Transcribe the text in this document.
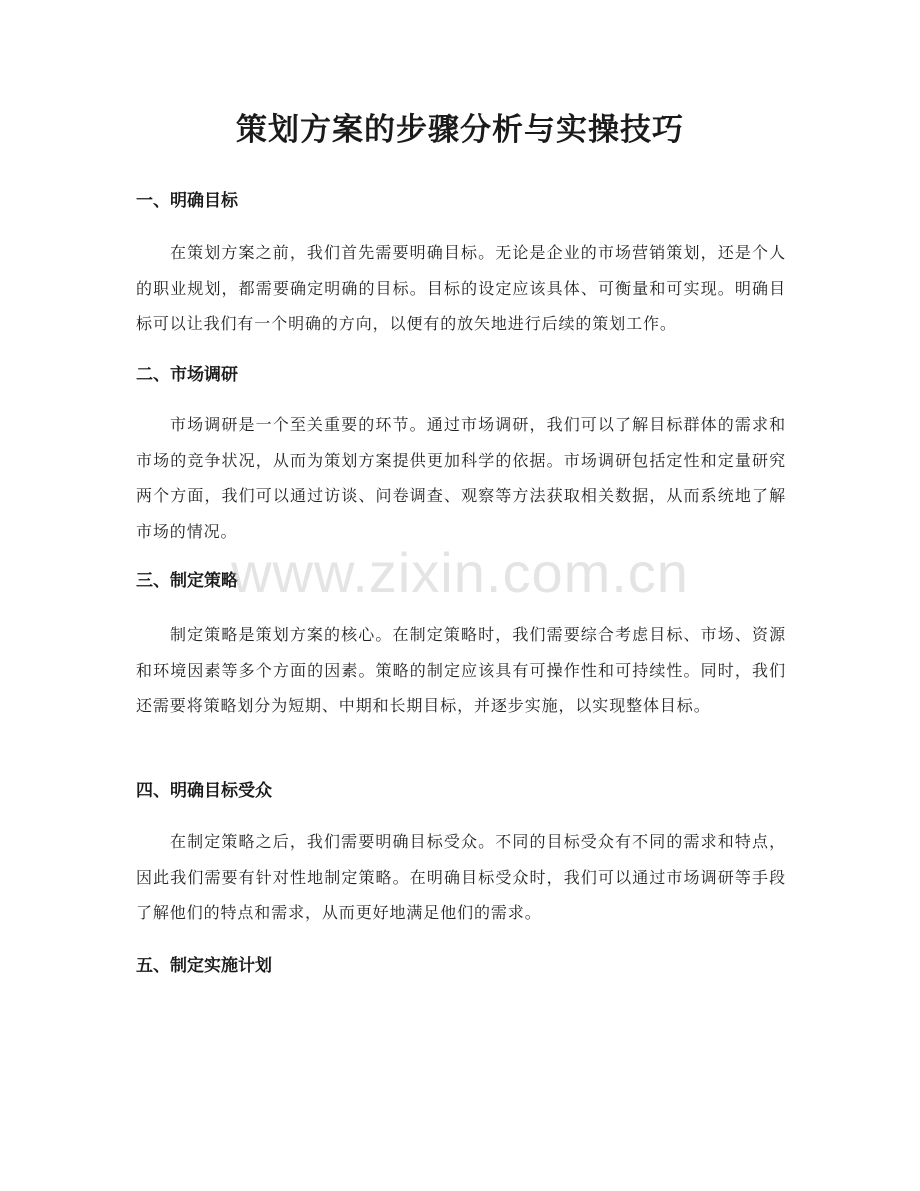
策划方案的步骤分析与实操技巧
一、明确目标

在策划方案之前，我们首先需要明确目标。无论是企业的市场营销策划，还是个人的职业规划，都需要确定明确的目标。目标的设定应该具体、可衡量和可实现。明确目标可以让我们有一个明确的方向，以便有的放矢地进行后续的策划工作。

二、市场调研

市场调研是一个至关重要的环节。通过市场调研，我们可以了解目标群体的需求和市场的竞争状况，从而为策划方案提供更加科学的依据。市场调研包括定性和定量研究两个方面，我们可以通过访谈、问卷调查、观察等方法获取相关数据，从而系统地了解市场的情况。

三、制定策略

制定策略是策划方案的核心。在制定策略时，我们需要综合考虑目标、市场、资源和环境因素等多个方面的因素。策略的制定应该具有可操作性和可持续性。同时，我们还需要将策略划分为短期、中期和长期目标，并逐步实施，以实现整体目标。

四、明确目标受众

在制定策略之后，我们需要明确目标受众。不同的目标受众有不同的需求和特点，因此我们需要有针对性地制定策略。在明确目标受众时，我们可以通过市场调研等手段了解他们的特点和需求，从而更好地满足他们的需求。

五、制定实施计划
www.zixin.com.cn
